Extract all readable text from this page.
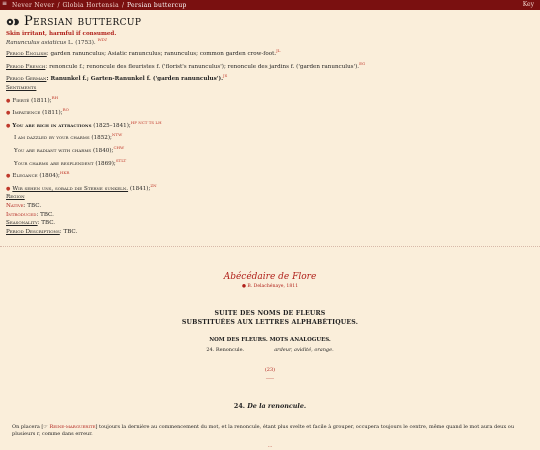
≡ Never Never / Globia Hortensia / Persian buttercup	Key
Persian buttercup
Skin irritant, harmful if consumed.
Ranunculus asiaticus L. (1753). $^{WD1}$
Period English: garden ranunculus; Asiatic ranunculus; ranunculus; common garden crow-foot.$^{JL}$
Period French: renoncule f.; renoncule des fleuristes f. ('florist's ranunculus'); renoncule des jardins f. ('garden ranunculus').$^{EG}$
Period German: Ranunkel f.; Garten-Ranunkel f. ('garden ranunculus').$^{JS}$
Sentiments
● Fierté (1811);$^{RH}$
● Impatience (1811);$^{RO}$
● You are rich in attractions (1825–1841);$^{HP NCT TS LH}$
I am dazzled by your charms (1852);$^{NTW}$
You are radiant with charms (1840);$^{CHW}$
Your charms are resplendent (1869);$^{STLT}$
● Elegance (1804);$^{HKR}$
● Wir sehen uns, sobald die Sterne sunkeln. (1841);$^{ZN}$
Region
Native: TBC.
Introduced: TBC.
Seasonality: TBC.
Period Descriptions: TBC.
Abécédaire de Flore
● B. Delachénaye, 1811
SUITE DES NOMS DE FLEURS
SUBSTITUÉES AUX LETTRES ALPHABÉTIQUES.
NOM DES FLEURS. MOTS ANALOGUES.
24. Renoncule.	ardeur, avidité, orange.
(23)
⸺
24. De la renoncule.
On placera [☞ Reine-marguerite] toujours la dernière au commencement du mot, et la renoncule, étant plus svelte et facile à grouper, occupera toujours le centre, même quand le mot aura deux ou plusieurs r, comme dans erreur.
···
